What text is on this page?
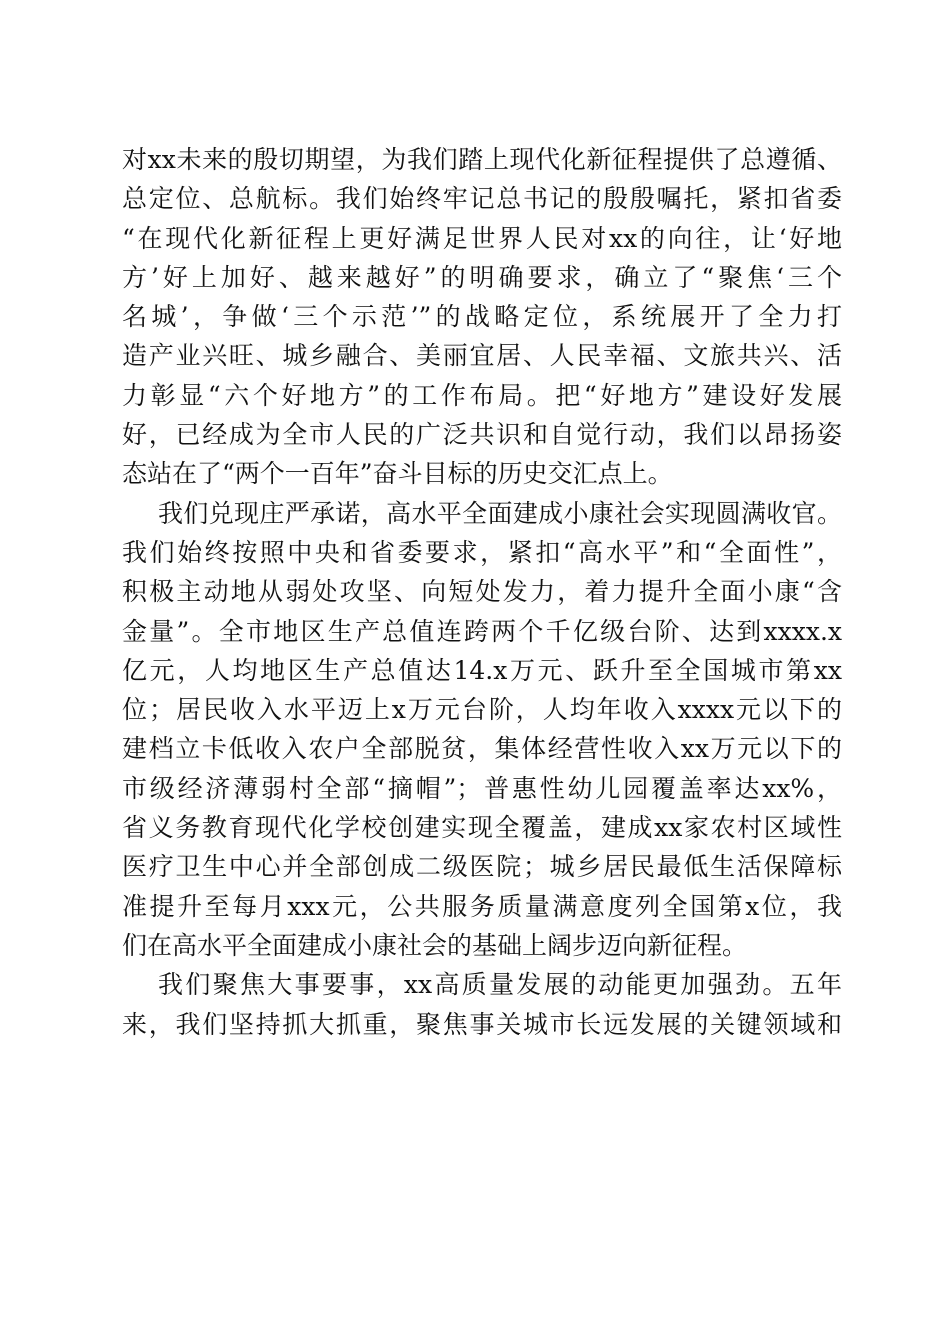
对xx未来的殷切期望，为我们踏上现代化新征程提供了总遵循、
总定位、总航标。我们始终牢记总书记的殷殷嘱托，紧扣省委
“在现代化新征程上更好满足世界人民对xx的向往，让‘好地
方’好上加好、越来越好”的明确要求，确立了“聚焦‘三个
名城’，争做‘三个示范’”的战略定位，系统展开了全力打
造产业兴旺、城乡融合、美丽宜居、人民幸福、文旅共兴、活
力彰显“六个好地方”的工作布局。把“好地方”建设好发展
好，已经成为全市人民的广泛共识和自觉行动，我们以昂扬姿
态站在了“两个一百年”奋斗目标的历史交汇点上。
我们兑现庄严承诺，高水平全面建成小康社会实现圆满收官。
我们始终按照中央和省委要求，紧扣“高水平”和“全面性”，
积极主动地从弱处攻坚、向短处发力，着力提升全面小康“含
金量”。全市地区生产总值连跨两个千亿级台阶、达到xxxx.x
亿元，人均地区生产总值达14.x万元、跃升至全国城市第xx
位；居民收入水平迈上x万元台阶，人均年收入xxxx元以下的
建档立卡低收入农户全部脱贫，集体经营性收入xx万元以下的
市级经济薄弱村全部“摘帽”；普惠性幼儿园覆盖率达xx%，
省义务教育现代化学校创建实现全覆盖，建成xx家农村区域性
医疗卫生中心并全部创成二级医院；城乡居民最低生活保障标
准提升至每月xxx元，公共服务质量满意度列全国第x位，我
们在高水平全面建成小康社会的基础上阔步迈向新征程。
我们聚焦大事要事，xx高质量发展的动能更加强劲。五年
来，我们坚持抓大抓重，聚焦事关城市长远发展的关键领域和
